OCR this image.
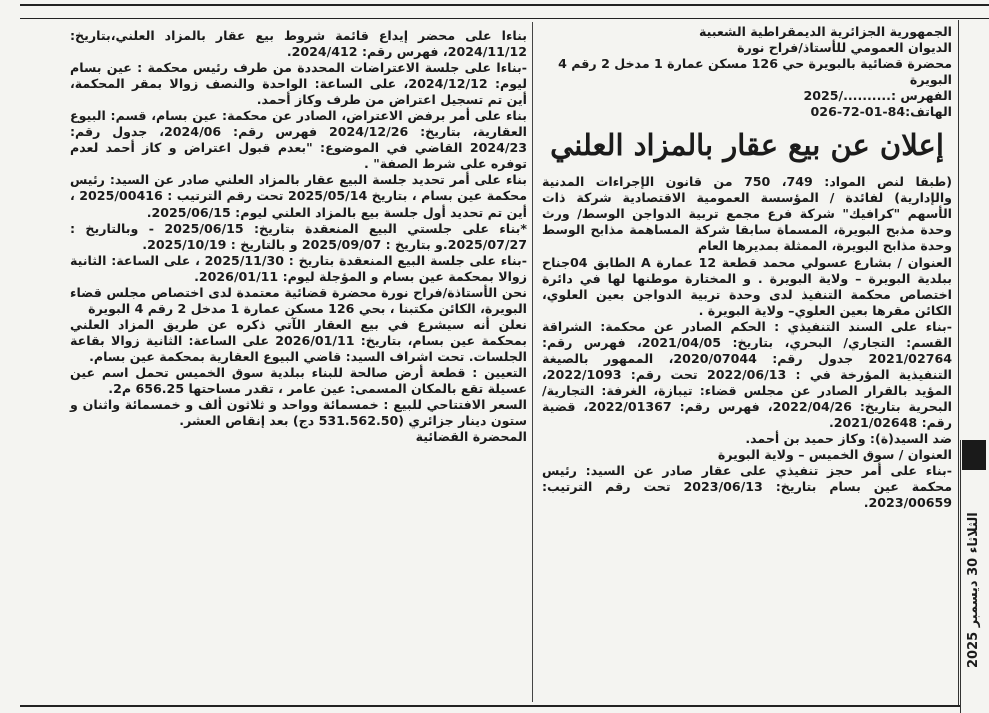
الجمهورية الجزائرية الديمقراطية الشعبية

الديوان العمومي للأستاذ/فراح نورة

محضرة قضائية بالبويرة حي 126 مسكن عمارة 1 مدخل 2 رقم 4

البويرة

الفهرس :........../2025

الهاتف:84-01-72-026

إعلان عن بيع عقار بالمزاد العلني

(طبقا لنص المواد: 749، 750 من قانون الإجراءات المدنية والإدارية) لفائدة / المؤسسة العمومية الاقتصادية شركة ذات الأسهم "كرافيك" شركة فرع مجمع تربية الدواجن الوسط/ ورث وحدة مذبح البويرة، المسماة سابقا شركة المساهمة مذابح الوسط وحدة مذابح البويرة، الممثلة بمديرها العام

العنوان / بشارع عسولي محمد قطعة 12 عمارة A الطابق 04جناح ببلدية البويرة – ولاية البويرة . و المختارة موطنها لها في دائرة اختصاص محكمة التنفيذ لدى وحدة تربية الدواجن بعين العلوي، الكائن مقرها بعين العلوي– ولاية البويرة .

-بناء على السند التنفيذي : الحكم الصادر عن محكمة: الشراقة القسم: التجاري/ البحري، بتاريخ: 2021/04/05، فهرس رقم: 2021/02764 جدول رقم: 2020/07044، الممهور بالصيغة التنفيذية المؤرخة في : 2022/06/13 تحت رقم: 2022/1093، المؤيد بالقرار الصادر عن مجلس قضاء: تيبازة، الغرفة: التجارية/البحرية بتاريخ: 2022/04/26، فهرس رقم: 2022/01367، قضية رقم: 2021/02648.

ضد السيد(ة): وكاز حميد بن أحمد.

العنوان / سوق الخميس – ولاية البويرة

-بناء على أمر حجز تنفيذي على عقار صادر عن السيد: رئيس محكمة عين بسام بتاريخ: 2023/06/13 تحت رقم الترتيب: 2023/00659.

بناءا على محضر إيداع قائمة شروط بيع عقار بالمزاد العلني،بتاريخ: 2024/11/12، فهرس رقم: 2024/412.

-بناءا على جلسة الاعتراضات المحددة من طرف رئيس محكمة : عين بسام ليوم: 2024/12/12، على الساعة: الواحدة والنصف زوالا بمقر المحكمة، أين تم تسجيل اعتراض من طرف وكاز أحمد.

بناء على أمر برفض الاعتراض، الصادر عن محكمة: عين بسام، قسم: البيوع العقارية، بتاريخ: 2024/12/26 فهرس رقم: 2024/06، جدول رقم: 2024/23 القاضي في الموضوع: "بعدم قبول اعتراض و كاز أحمد لعدم توفره على شرط الصفة" .

بناء على أمر تحديد جلسة البيع عقار بالمزاد العلني صادر عن السيد: رئيس محكمة عين بسام ، بتاريخ 2025/05/14 تحت رقم الترتيب : 2025/00416 ، أين تم تحديد أول جلسة بيع بالمزاد العلني ليوم: 2025/06/15.

*بناء على جلستي البيع المنعقدة بتاريخ: 2025/06/15 - وبالتاريخ : 2025/07/27.و بتاريخ : 2025/09/07 و بالتاريخ : 2025/10/19.

-بناء على جلسة البيع المنعقدة بتاريخ : 2025/11/30 ، على الساعة: الثانية زوالا بمحكمة عين بسام و المؤجلة ليوم: 2026/01/11.

نحن الأستاذة/فراح نورة محضرة قضائية معتمدة لدى اختصاص مجلس قضاء البويرة، الكائن مكتبنا ، بحي 126 مسكن عمارة 1 مدخل 2 رقم 4 البويرة

نعلن أنه سيشرع في بيع العقار الآتي ذكره عن طريق المزاد العلني بمحكمة عين بسام، بتاريخ: 2026/01/11 على الساعة: الثانية زوالا بقاعة الجلسات. تحت اشراف السيد: قاضي البيوع العقارية بمحكمة عين بسام.

التعيين : قطعة أرض صالحة للبناء ببلدية سوق الخميس تحمل اسم عين عسيلة تقع بالمكان المسمى: عين عامر ، تقدر مساحتها 656.25 م2.

السعر الافتتاحي للبيع : خمسمائة وواحد و ثلاثون ألف و خمسمائة واثنان و ستون دينار جزائري (531.562.50 دج) بعد إنقاص العشر.

المحضرة القضائية

الثلاثاء 30 ديسمبر 2025
